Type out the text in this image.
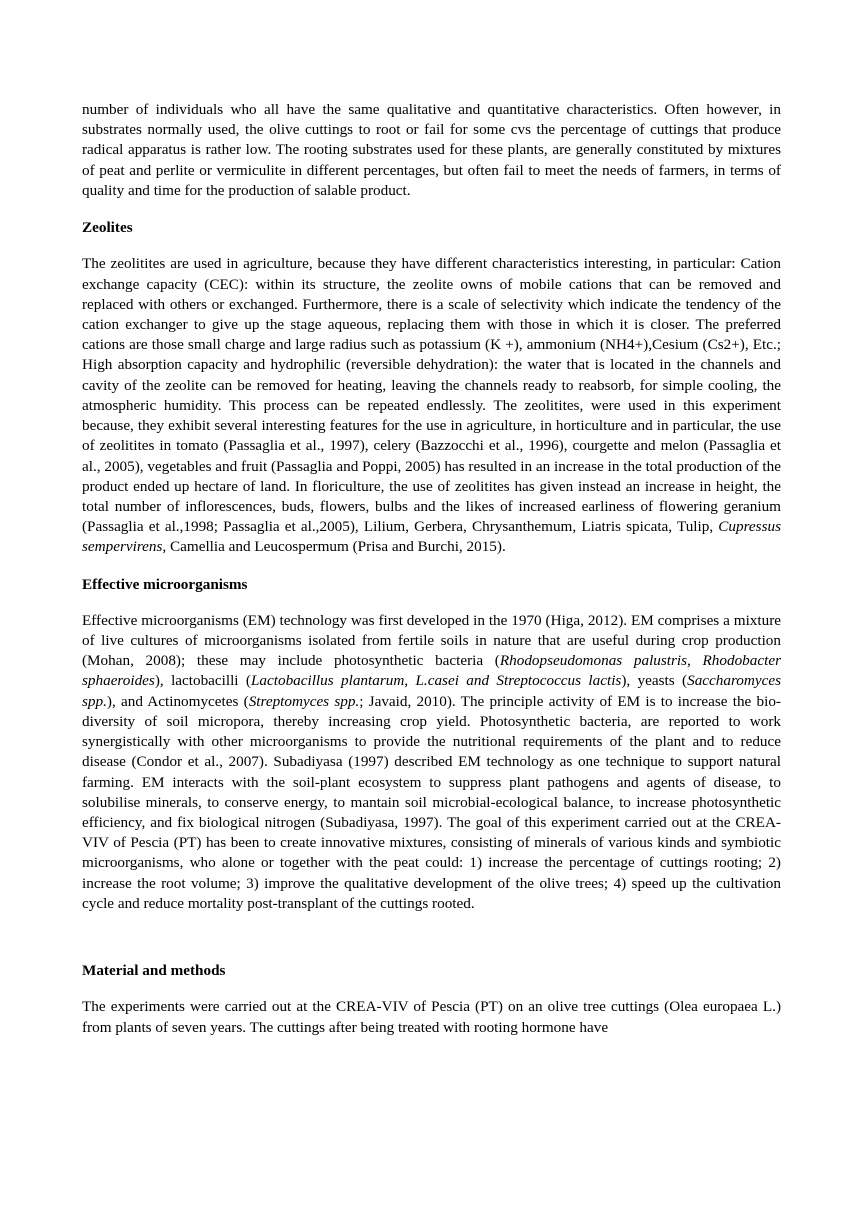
number of individuals who all have the same qualitative and quantitative characteristics. Often however, in substrates normally used, the olive cuttings to root or fail for some cvs the percentage of cuttings that produce radical apparatus is rather low. The rooting substrates used for these plants, are generally constituted by mixtures of peat and perlite or vermiculite in different percentages, but often fail to meet the needs of farmers, in terms of quality and time for the production of salable product.

Zeolites

The zeolitites are used in agriculture, because they have different characteristics interesting, in particular: Cation exchange capacity (CEC): within its structure, the zeolite owns of mobile cations that can be removed and replaced with others or exchanged. Furthermore, there is a scale of selectivity which indicate the tendency of the cation exchanger to give up the stage aqueous, replacing them with those in which it is closer. The preferred cations are those small charge and large radius such as potassium (K +), ammonium (NH4+),Cesium (Cs2+), Etc.; High absorption capacity and hydrophilic (reversible dehydration): the water that is located in the channels and cavity of the zeolite can be removed for heating, leaving the channels ready to reabsorb, for simple cooling, the atmospheric humidity. This process can be repeated endlessly. The zeolitites, were used in this experiment because, they exhibit several interesting features for the use in agriculture, in horticulture and in particular, the use of zeolitites in tomato (Passaglia et al., 1997), celery (Bazzocchi et al., 1996), courgette and melon (Passaglia et al., 2005), vegetables and fruit (Passaglia and Poppi, 2005) has resulted in an increase in the total production of the product ended up hectare of land. In floriculture, the use of zeolitites has given instead an increase in height, the total number of inflorescences, buds, flowers, bulbs and the likes of increased earliness of flowering geranium (Passaglia et al.,1998; Passaglia et al.,2005), Lilium, Gerbera, Chrysanthemum, Liatris spicata, Tulip, Cupressus sempervirens, Camellia and Leucospermum (Prisa and Burchi, 2015).

Effective microorganisms

Effective microorganisms (EM) technology was first developed in the 1970 (Higa, 2012). EM comprises a mixture of live cultures of microorganisms isolated from fertile soils in nature that are useful during crop production (Mohan, 2008); these may include photosynthetic bacteria (Rhodopseudomonas palustris, Rhodobacter sphaeroides), lactobacilli (Lactobacillus plantarum, L.casei and Streptococcus lactis), yeasts (Saccharomyces spp.), and Actinomycetes (Streptomyces spp.; Javaid, 2010). The principle activity of EM is to increase the bio-diversity of soil micropora, thereby increasing crop yield. Photosynthetic bacteria, are reported to work synergistically with other microorganisms to provide the nutritional requirements of the plant and to reduce disease (Condor et al., 2007). Subadiyasa (1997) described EM technology as one technique to support natural farming. EM interacts with the soil-plant ecosystem to suppress plant pathogens and agents of disease, to solubilise minerals, to conserve energy, to mantain soil microbial-ecological balance, to increase photosynthetic efficiency, and fix biological nitrogen (Subadiyasa, 1997). The goal of this experiment carried out at the CREA-VIV of Pescia (PT) has been to create innovative mixtures, consisting of minerals of various kinds and symbiotic microorganisms, who alone or together with the peat could: 1) increase the percentage of cuttings rooting; 2) increase the root volume; 3) improve the qualitative development of the olive trees; 4) speed up the cultivation cycle and reduce mortality post-transplant of the cuttings rooted.

Material and methods

The experiments were carried out at the CREA-VIV of Pescia (PT) on an olive tree cuttings (Olea europaea L.) from plants of seven years. The cuttings after being treated with rooting hormone have
